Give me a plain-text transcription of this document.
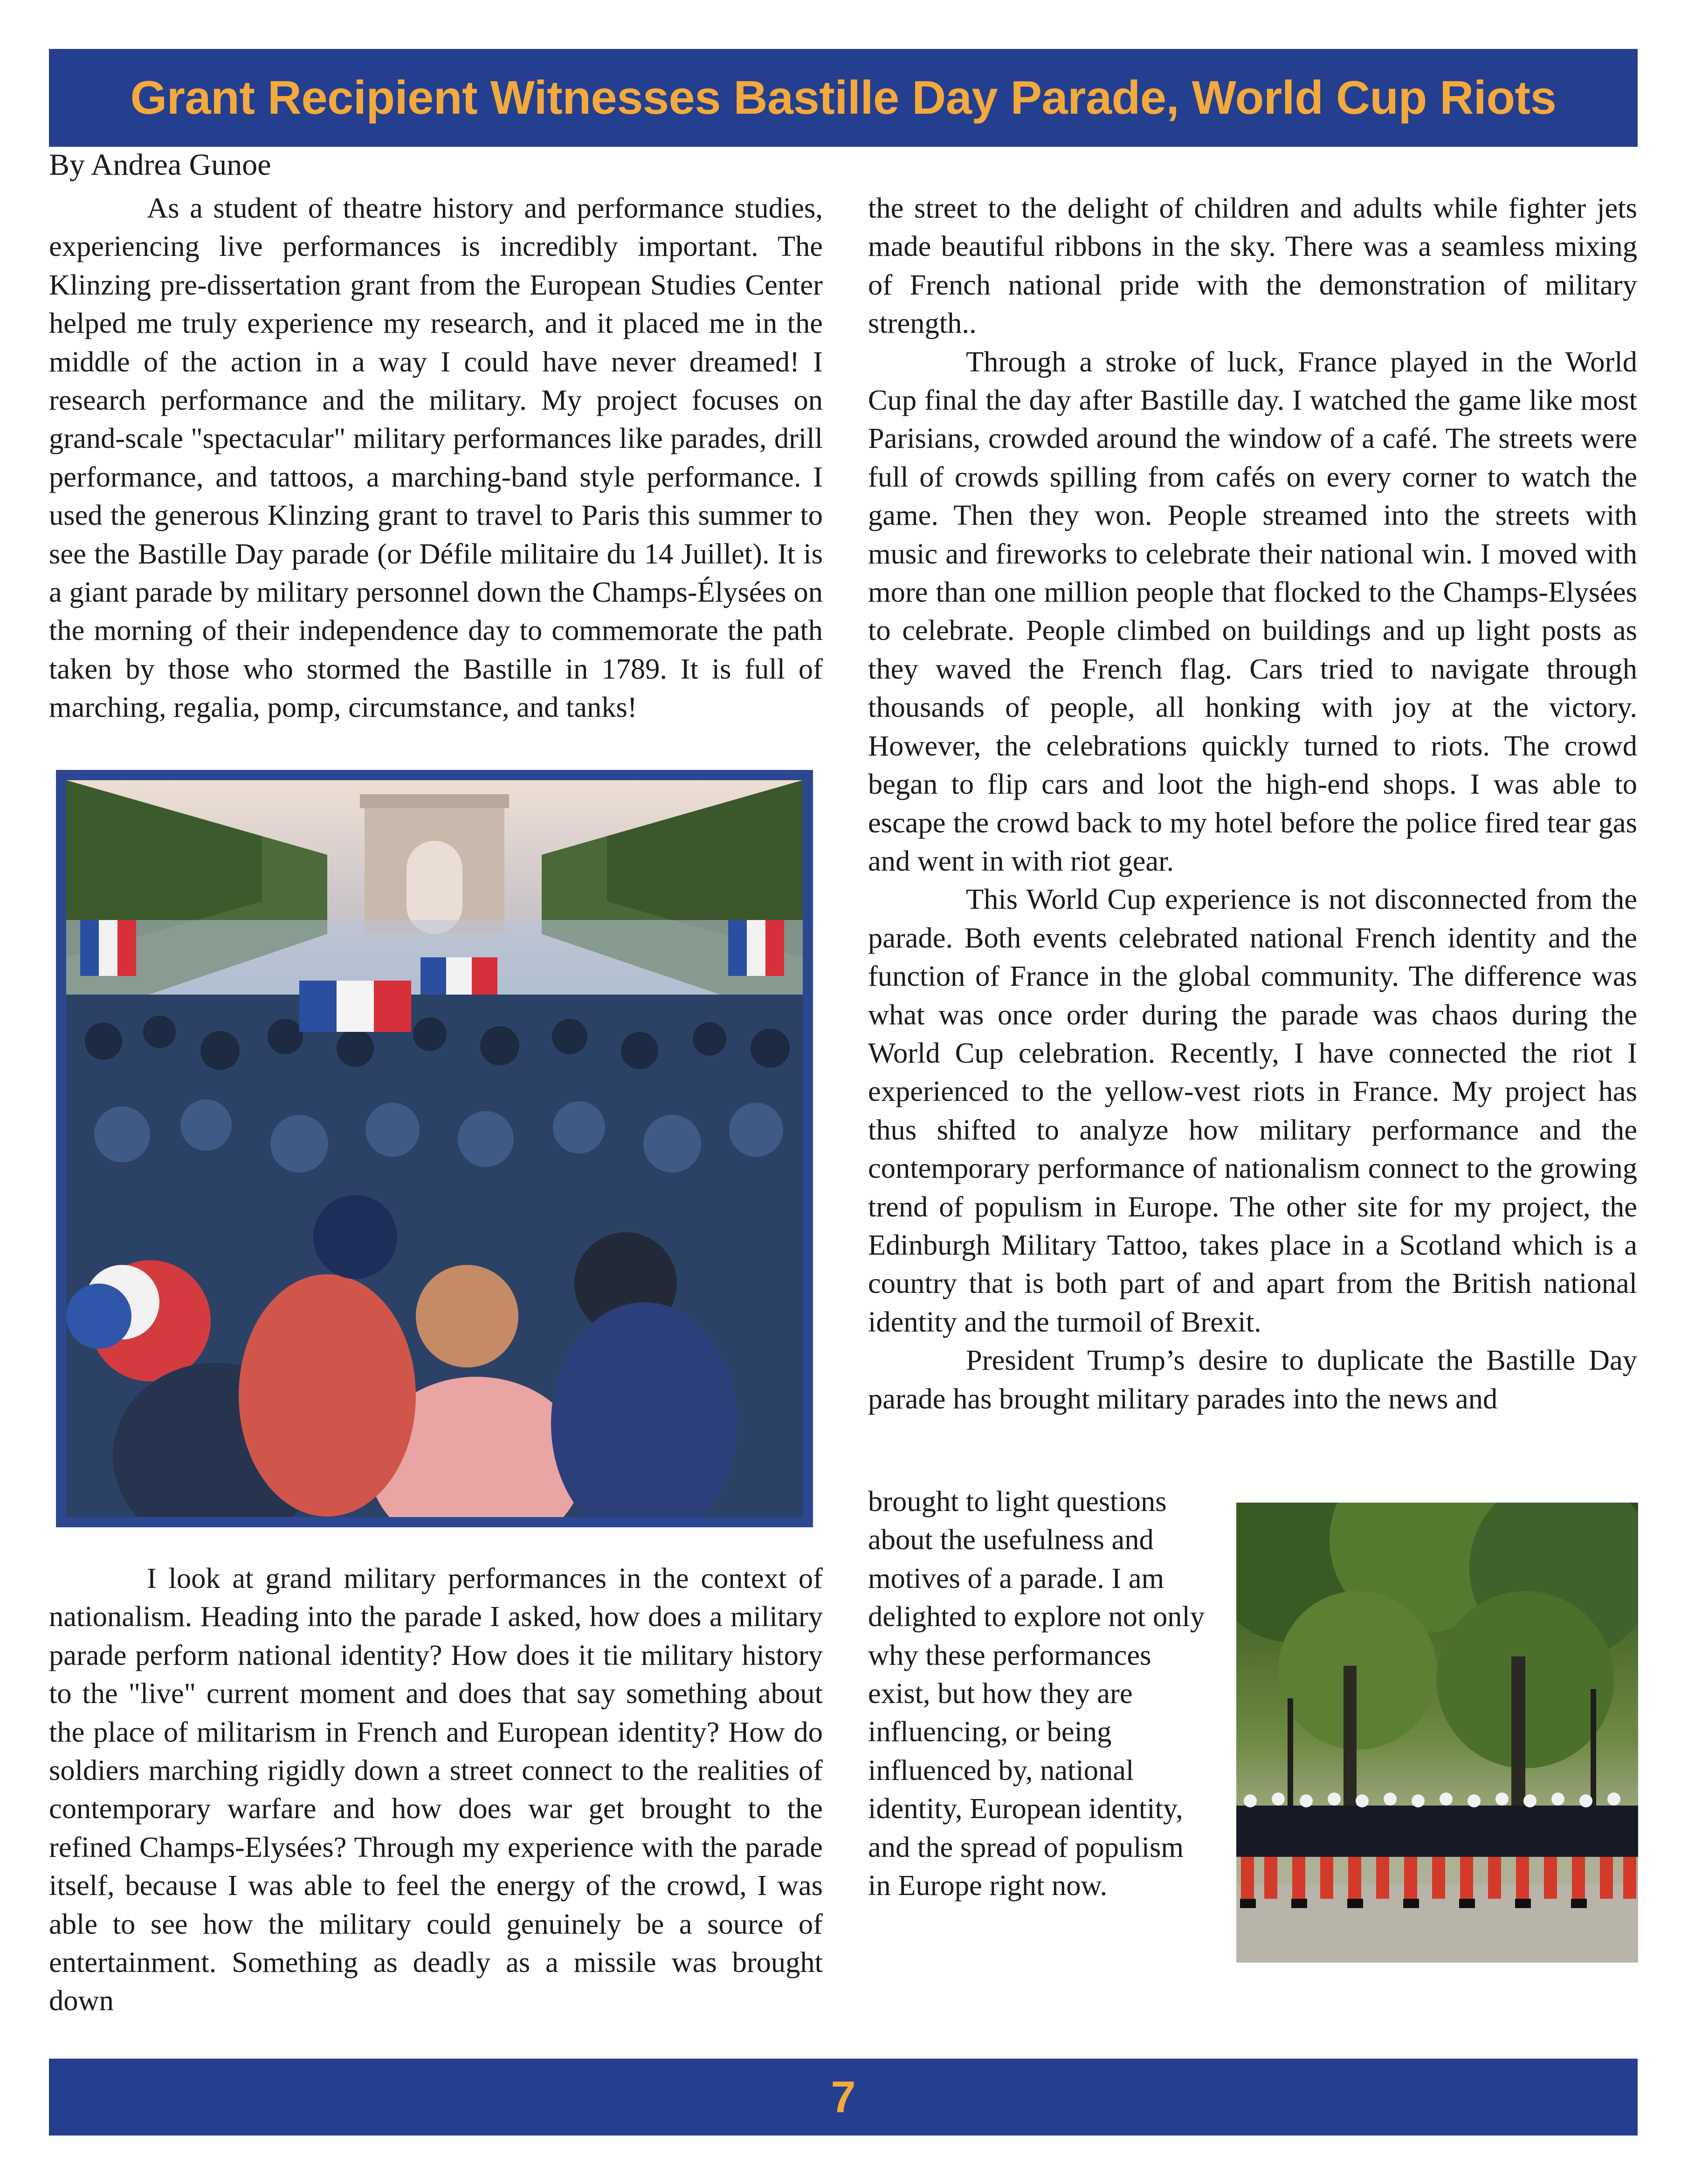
Grant Recipient Witnesses Bastille Day Parade, World Cup Riots
By Andrea Gunoe

As a student of theatre history and performance studies, experiencing live performances is incredibly important. The Klinzing pre-dissertation grant from the European Studies Center helped me truly experience my research, and it placed me in the middle of the action in a way I could have never dreamed! I research performance and the military. My project focuses on grand-scale "spectacular" military performances like parades, drill performance, and tattoos, a marching-band style performance. I used the generous Klinzing grant to travel to Paris this summer to see the Bastille Day parade (or Défile militaire du 14 Juillet). It is a giant parade by military personnel down the Champs-Élysées on the morning of their independence day to commemorate the path taken by those who stormed the Bastille in 1789. It is full of marching, regalia, pomp, circumstance, and tanks!

I look at grand military performances in the context of nationalism. Heading into the parade I asked, how does a military parade perform national identity? How does it tie military history to the "live" current moment and does that say something about the place of militarism in French and European identity? How do soldiers marching rigidly down a street connect to the realities of contemporary warfare and how does war get brought to the refined Champs-Elysées? Through my experience with the parade itself, because I was able to feel the energy of the crowd, I was able to see how the military could genuinely be a source of entertainment. Something as deadly as a missile was brought down

the street to the delight of children and adults while fighter jets made beautiful ribbons in the sky. There was a seamless mixing of French national pride with the demonstration of military strength..

Through a stroke of luck, France played in the World Cup final the day after Bastille day. I watched the game like most Parisians, crowded around the window of a café. The streets were full of crowds spilling from cafés on every corner to watch the game. Then they won. People streamed into the streets with music and fireworks to celebrate their national win. I moved with more than one million people that flocked to the Champs-Elysées to celebrate. People climbed on buildings and up light posts as they waved the French flag. Cars tried to navigate through thousands of people, all honking with joy at the victory. However, the celebrations quickly turned to riots. The crowd began to flip cars and loot the high-end shops. I was able to escape the crowd back to my hotel before the police fired tear gas and went in with riot gear.

This World Cup experience is not disconnected from the parade. Both events celebrated national French identity and the function of France in the global community. The difference was what was once order during the parade was chaos during the World Cup celebration. Recently, I have connected the riot I experienced to the yellow-vest riots in France. My project has thus shifted to analyze how military performance and the contemporary performance of nationalism connect to the growing trend of populism in Europe. The other site for my project, the Edinburgh Military Tattoo, takes place in a Scotland which is a country that is both part of and apart from the British national identity and the turmoil of Brexit.

President Trump’s desire to duplicate the Bastille Day parade has brought military parades into the news and

brought to light questions about the usefulness and motives of a parade. I am delighted to explore not only why these performances exist, but how they are influencing, or being influenced by, national identity, European identity, and the spread of populism in Europe right now.

7
